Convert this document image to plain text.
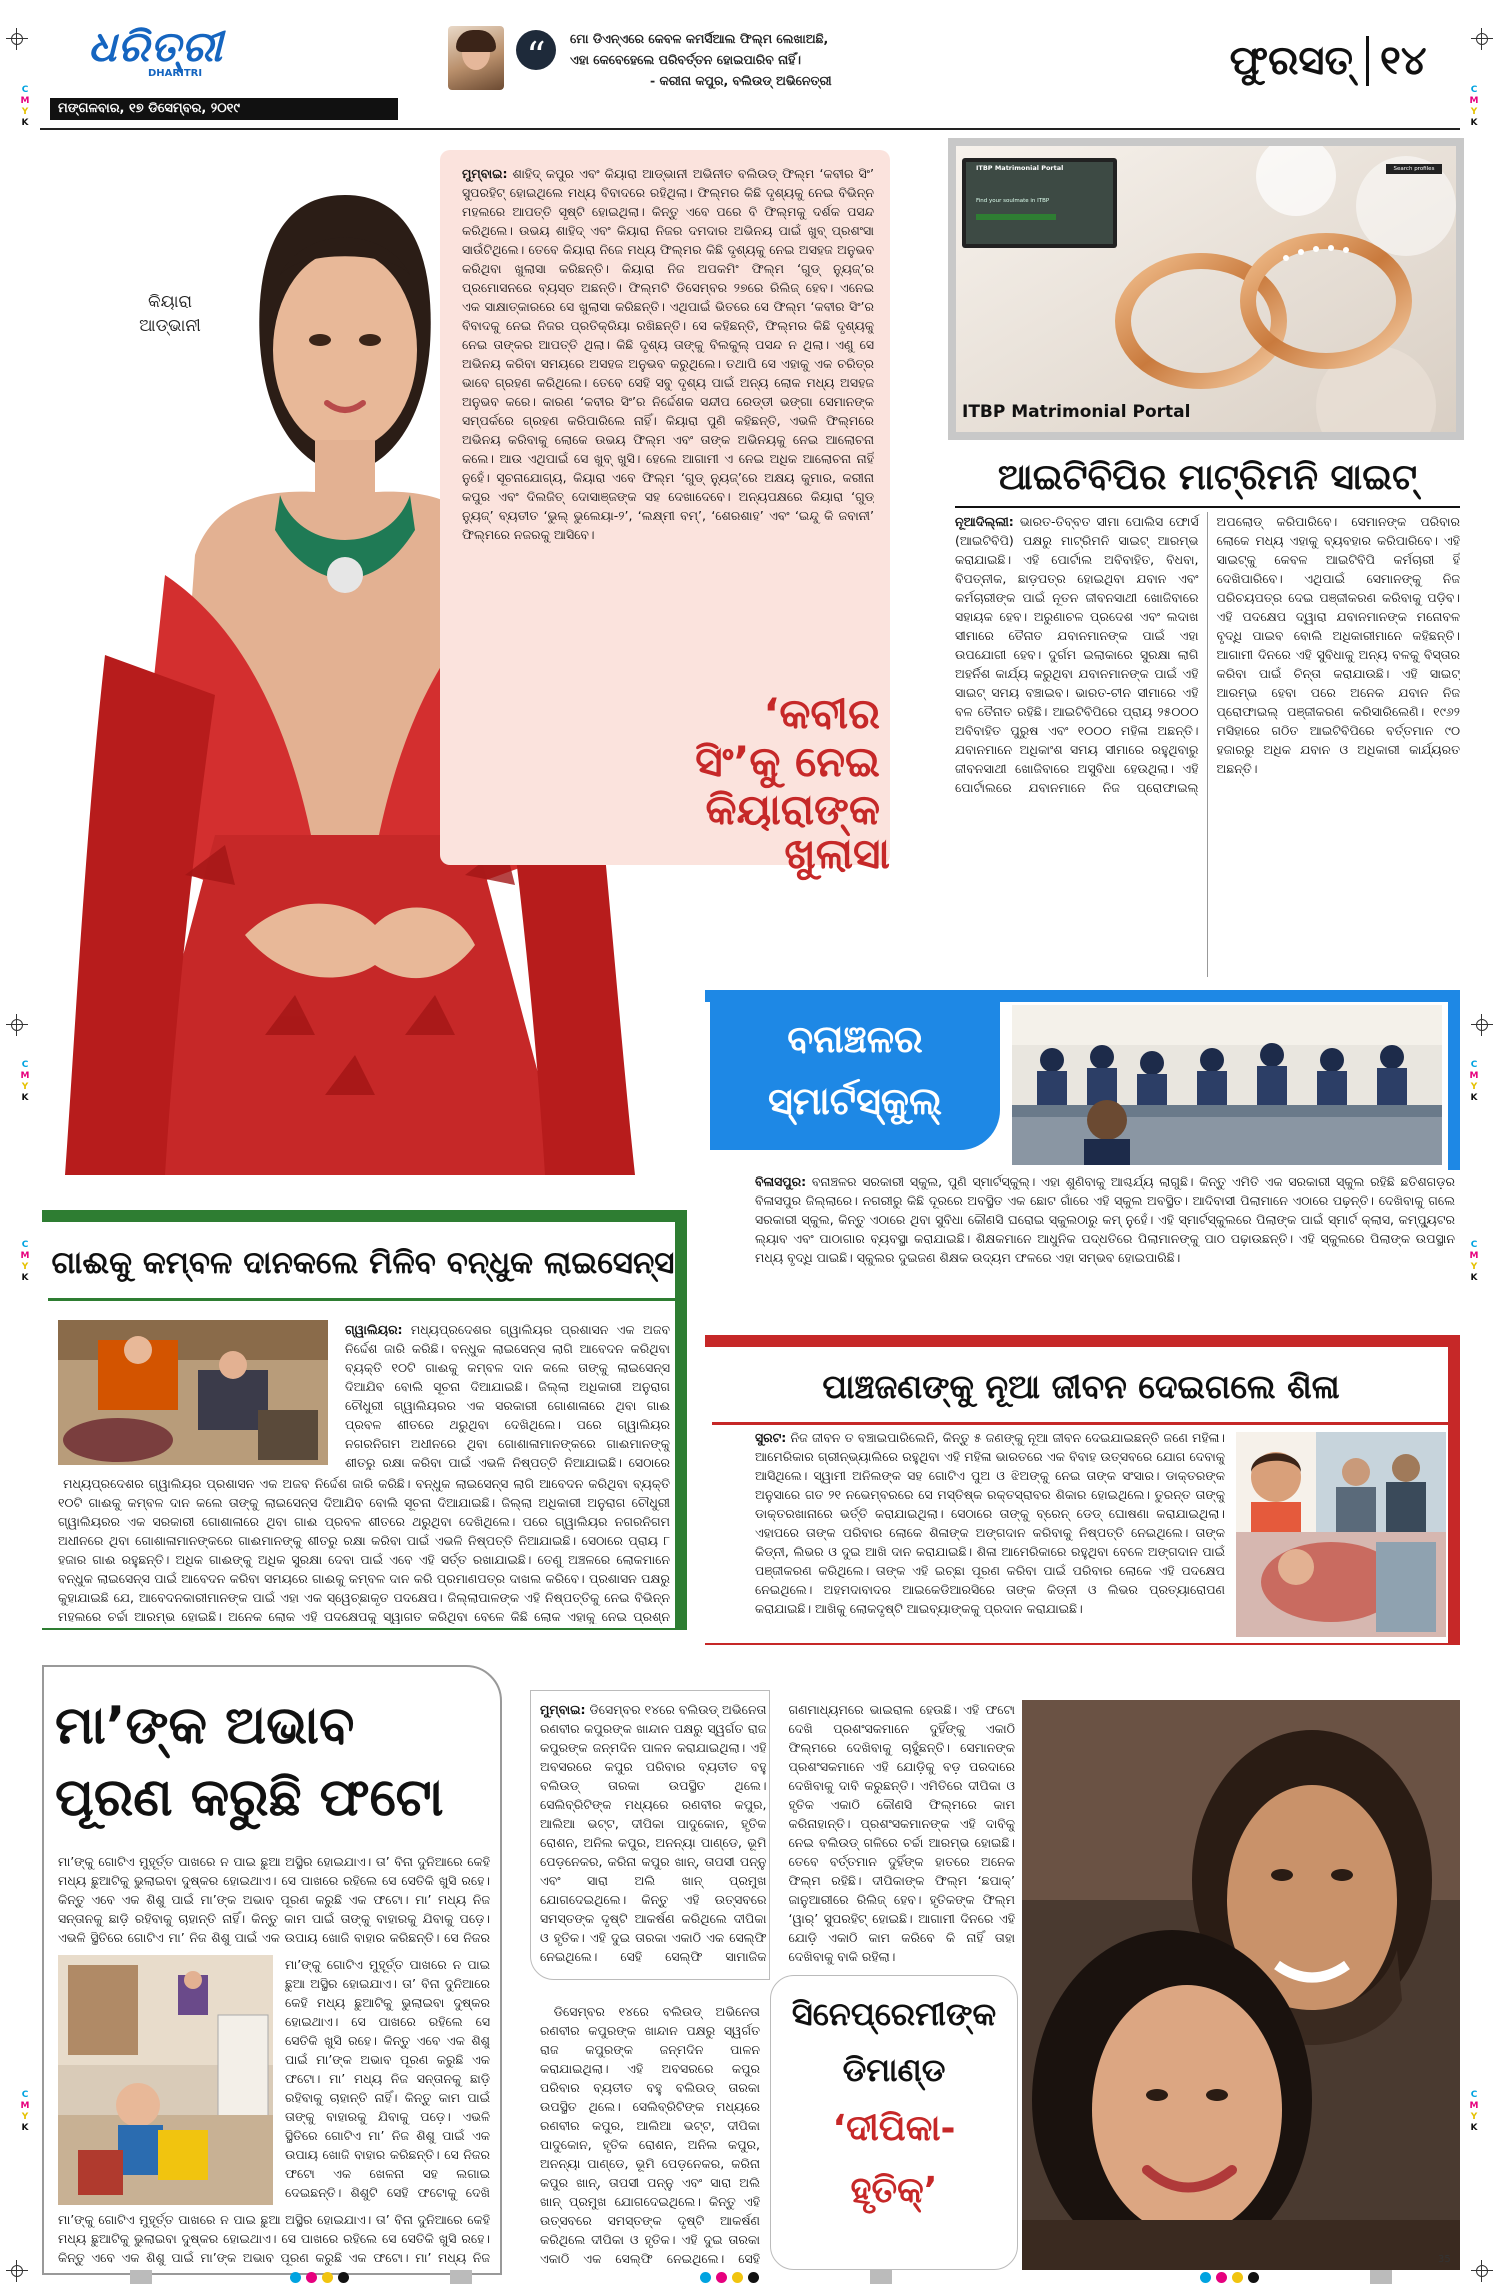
C
M
Y
K
C
M
Y
K
C
M
Y
K
C
M
Y
K
C
M
Y
K
C
M
Y
K
C
M
Y
K
C
M
Y
K
ଧରିତ୍ରୀ
DHARITRI
ମଙ୍ଗଳବାର, ୧୭ ଡିସେମ୍ବର, ୨୦୧୯
“	ମୋ ଡିଏନ୍‌ଏରେ କେବଳ କମର୍ସିଆଲ ଫିଲ୍ମ ଲେଖାଅଛି,
ଏହା କେବେହେଲେ ପରିବର୍ତ୍ତନ ହୋଇପାରିବ ନାହିଁ।
- କରୀନା କପୁର, ବଲିଉଡ୍ ଅଭିନେତ୍ରୀ	ଫୁରସତ୍ ୧୪
କିୟାରା
ଆଡ୍‌ଭାନୀ
ମୁମ୍ବାଇ: ଶାହିଦ୍ କପୁର ଏବଂ କିୟାରା ଆଡ୍‌ଭାନୀ ଅଭିନୀତ ବଲିଉଡ୍ ଫିଲ୍ମ ‘କବୀର ସିଂ’ ସୁପରହିଟ୍ ହୋଇଥିଲେ ମଧ୍ୟ ବିବାଦରେ ରହିଥିଲା। ଫିଲ୍ମର କିଛି ଦୃଶ୍ୟକୁ ନେଇ ବିଭିନ୍ନ ମହଲରେ ଆପତ୍ତି ସୃଷ୍ଟି ହୋଇଥିଲା। କିନ୍ତୁ ଏବେ ପରେ ବି ଫିଲ୍ମକୁ ଦର୍ଶକ ପସନ୍ଦ କରିଥିଲେ। ଉଭୟ ଶାହିଦ୍ ଏବଂ କିୟାରା ନିଜର ଦମଦାର ଅଭିନୟ ପାଇଁ ଖୁବ୍ ପ୍ରଶଂସା ସାଉଁଟିଥିଲେ। ତେବେ କିୟାରା ନିଜେ ମଧ୍ୟ ଫିଲ୍ମର କିଛି ଦୃଶ୍ୟକୁ ନେଇ ଅସହଜ ଅନୁଭବ କରିଥିବା ଖୁଲାସା କରିଛନ୍ତି। କିୟାରା ନିଜ ଅପକମିଂ ଫିଲ୍ମ ‘ଗୁଡ୍ ନ୍ୟୁଜ୍’ର ପ୍ରମୋସନରେ ବ୍ୟସ୍ତ ଅଛନ୍ତି। ଫିଲ୍ମଟି ଡିସେମ୍ବର ୨୭ରେ ରିଲିଜ୍ ହେବ। ଏନେଇ ଏକ ସାକ୍ଷାତ୍କାରରେ ସେ ଖୁଲାସା କରିଛନ୍ତି। ଏଥିପାଇଁ ଭିତରେ ସେ ଫିଲ୍ମ ‘କବୀର ସିଂ’ର ବିବାଦକୁ ନେଇ ନିଜର ପ୍ରତିକ୍ରିୟା ରଖିଛନ୍ତି। ସେ କହିଛନ୍ତି, ଫିଲ୍ମର କିଛି ଦୃଶ୍ୟକୁ ନେଇ ତାଙ୍କର ଆପତ୍ତି ଥିଲା। କିଛି ଦୃଶ୍ୟ ତାଙ୍କୁ ବିଲକୁଲ୍ ପସନ୍ଦ ନ ଥିଲା। ଏଣୁ ସେ ଅଭିନୟ କରିବା ସମୟରେ ଅସହଜ ଅନୁଭବ କରୁଥିଲେ। ତଥାପି ସେ ଏହାକୁ ଏକ ଚରିତ୍ର ଭାବେ ଗ୍ରହଣ କରିଥିଲେ। ତେବେ ସେହି ସବୁ ଦୃଶ୍ୟ ପାଇଁ ଅନ୍ୟ ଲୋକ ମଧ୍ୟ ଅସହଜ ଅନୁଭବ କରେ। କାରଣ ‘କବୀର ସିଂ’ର ନିର୍ଦ୍ଦେଶକ ସନ୍ଦୀପ ରେଡ୍ଡୀ ଭଙ୍ଗା ସେମାନଙ୍କ ସମ୍ପର୍କରେ ଗ୍ରହଣ କରିପାରିଲେ ନାହିଁ। କିୟାରା ପୁଣି କହିଛନ୍ତି, ଏଭଳି ଫିଲ୍ମରେ ଅଭିନୟ କରିବାକୁ ଲୋକେ ଉଭୟ ଫିଲ୍ମ ଏବଂ ତାଙ୍କ ଅଭିନୟକୁ ନେଇ ଆଲୋଚନା କଲେ। ଆଉ ଏଥିପାଇଁ ସେ ଖୁବ୍ ଖୁସି। ହେଲେ ଆଗାମୀ ଏ ନେଇ ଅଧିକ ଆଲୋଚନା ନାହିଁ ନୁହେଁ। ସୂଚନାଯୋଗ୍ୟ, କିୟାରା ଏବେ ଫିଲ୍ମ ‘ଗୁଡ୍ ନ୍ୟୁଜ୍’ରେ ଅକ୍ଷୟ କୁମାର, କରୀନା କପୁର ଏବଂ ଦିଲଜିତ୍ ଦୋସାଞ୍ଜଙ୍କ ସହ ଦେଖାଦେବେ। ଅନ୍ୟପକ୍ଷରେ କିୟାରା ‘ଗୁଡ୍ ନ୍ୟୁଜ୍’ ବ୍ୟତୀତ ‘ଭୁଲ୍ ଭୁଲେୟା-୨’, ‘ଲକ୍ଷ୍ମୀ ବମ୍’, ‘ଶେରଶାହ’ ଏବଂ ‘ଇନ୍ଦୁ କି ଜବାନୀ’ ଫିଲ୍ମରେ ନଜରକୁ ଆସିବେ।
‘କବୀର
ସିଂ’କୁ ନେଇ
କିୟାରାଙ୍କ
ଖୁଲାସା
ITBP Matrimonial Portal
Find your soulmate in ITBP
Search profiles
ITBP Matrimonial Portal
ଆଇଟିବିପିର ମାଟ୍ରିମନି ସାଇଟ୍
ନୂଆଦିଲ୍ଲୀ: ଭାରତ-ତିବ୍ବତ ସୀମା ପୋଲିସ ଫୋର୍ସ (ଆଇଟିବିପି) ପକ୍ଷରୁ ମାଟ୍ରିମନି ସାଇଟ୍ ଆରମ୍ଭ କରାଯାଇଛି। ଏହି ପୋର୍ଟାଲ ଅବିବାହିତ, ବିଧବା, ବିପତ୍ନୀକ, ଛାଡ଼ପତ୍ର ହୋଇଥିବା ଯବାନ ଏବଂ କର୍ମଚାରୀଙ୍କ ପାଇଁ ନୂତନ ଜୀବନସାଥୀ ଖୋଜିବାରେ ସହାୟକ ହେବ। ଅରୁଣାଚଳ ପ୍ରଦେଶ ଏବଂ ଲଦାଖ ସୀମାରେ ତୈନାତ ଯବାନମାନଙ୍କ ପାଇଁ ଏହା ଉପଯୋଗୀ ହେବ। ଦୁର୍ଗମ ଇଲାକାରେ ସୁରକ୍ଷା ଲାଗି ଅହର୍ନିଶ କାର୍ଯ୍ୟ କରୁଥିବା ଯବାନମାନଙ୍କ ପାଇଁ ଏହି ସାଇଟ୍ ସମୟ ବଞ୍ଚାଇବ। ଭାରତ-ଚୀନ ସୀମାରେ ଏହି ବଳ ତୈନାତ ରହିଛି। ଆଇଟିବିପିରେ ପ୍ରାୟ ୨୫୦୦୦ ଅବିବାହିତ ପୁରୁଷ ଏବଂ ୧୦୦୦ ମହିଳା ଅଛନ୍ତି। ଯବାନମାନେ ଅଧିକାଂଶ ସମୟ ସୀମାରେ ରହୁଥିବାରୁ ଜୀବନସାଥୀ ଖୋଜିବାରେ ଅସୁବିଧା ହେଉଥିଲା। ଏହି ପୋର୍ଟାଲରେ ଯବାନମାନେ ନିଜ ପ୍ରୋଫାଇଲ୍ ଅପଲୋଡ୍ କରିପାରିବେ। ସେମାନଙ୍କ ପରିବାର ଲୋକେ ମଧ୍ୟ ଏହାକୁ ବ୍ୟବହାର କରିପାରିବେ। ଏହି ସାଇଟ୍‌କୁ କେବଳ ଆଇଟିବିପି କର୍ମଚାରୀ ହିଁ ଦେଖିପାରିବେ। ଏଥିପାଇଁ ସେମାନଙ୍କୁ ନିଜ ପରିଚୟପତ୍ର ଦେଇ ପଞ୍ଜୀକରଣ କରିବାକୁ ପଡ଼ିବ। ଏହି ପଦକ୍ଷେପ ଦ୍ୱାରା ଯବାନମାନଙ୍କ ମନୋବଳ ବୃଦ୍ଧି ପାଇବ ବୋଲି ଅଧିକାରୀମାନେ କହିଛନ୍ତି। ଆଗାମୀ ଦିନରେ ଏହି ସୁବିଧାକୁ ଅନ୍ୟ ବଳକୁ ବିସ୍ତାର କରିବା ପାଇଁ ଚିନ୍ତା କରାଯାଉଛି। ଏହି ସାଇଟ୍ ଆରମ୍ଭ ହେବା ପରେ ଅନେକ ଯବାନ ନିଜ ପ୍ରୋଫାଇଲ୍ ପଞ୍ଜୀକରଣ କରିସାରିଲେଣି। ୧୯୬୨ ମସିହାରେ ଗଠିତ ଆଇଟିବିପିରେ ବର୍ତ୍ତମାନ ୯୦ ହଜାରରୁ ଅଧିକ ଯବାନ ଓ ଅଧିକାରୀ କାର୍ଯ୍ୟରତ ଅଛନ୍ତି।
ବନାଞ୍ଚଳର
ସ୍ମାର୍ଟସ୍କୁଲ୍
ବିଳାସପୁର: ବନାଞ୍ଚଳର ସରକାରୀ ସ୍କୁଲ, ପୁଣି ସ୍ମାର୍ଟସ୍କୁଲ୍। ଏହା ଶୁଣିବାକୁ ଆଶ୍ଚର୍ଯ୍ୟ ଲାଗୁଛି। କିନ୍ତୁ ଏମିତି ଏକ ସରକାରୀ ସ୍କୁଲ ରହିଛି ଛତିଶଗଡ଼ର ବିଳାସପୁର ଜିଲ୍ଲାରେ। ନଗରୀରୁ କିଛି ଦୂରରେ ଅବସ୍ଥିତ ଏକ ଛୋଟ ଗାଁରେ ଏହି ସ୍କୁଲ ଅବସ୍ଥିତ। ଆଦିବାସୀ ପିଲାମାନେ ଏଠାରେ ପଢ଼ନ୍ତି। ଦେଖିବାକୁ ଗଲେ ସରକାରୀ ସ୍କୁଲ, କିନ୍ତୁ ଏଠାରେ ଥିବା ସୁବିଧା କୌଣସି ଘରୋଇ ସ୍କୁଲଠାରୁ କମ୍ ନୁହେଁ। ଏହି ସ୍ମାର୍ଟସ୍କୁଲରେ ପିଲାଙ୍କ ପାଇଁ ସ୍ମାର୍ଟ କ୍ଲାସ, କମ୍ପ୍ୟୁଟର ଲ୍ୟାବ ଏବଂ ପାଠାଗାର ବ୍ୟବସ୍ଥା କରାଯାଇଛି। ଶିକ୍ଷକମାନେ ଆଧୁନିକ ପଦ୍ଧତିରେ ପିଲାମାନଙ୍କୁ ପାଠ ପଢ଼ାଉଛନ୍ତି। ଏହି ସ୍କୁଲରେ ପିଲାଙ୍କ ଉପସ୍ଥାନ ମଧ୍ୟ ବୃଦ୍ଧି ପାଇଛି। ସ୍କୁଲର ଦୁଇଜଣ ଶିକ୍ଷକ ଉଦ୍ୟମ ଫଳରେ ଏହା ସମ୍ଭବ ହୋଇପାରିଛି।
ଗାଈକୁ କମ୍ବଳ ଦାନକଲେ ମିଳିବ ବନ୍ଧୁକ ଲାଇସେନ୍ସ
ଗ୍ୱାଲିୟର: ମଧ୍ୟପ୍ରଦେଶର ଗ୍ୱାଲିୟର ପ୍ରଶାସନ ଏକ ଅଜବ ନିର୍ଦ୍ଦେଶ ଜାରି କରିଛି। ବନ୍ଧୁକ ଲାଇସେନ୍ସ ଲାଗି ଆବେଦନ କରିଥିବା ବ୍ୟକ୍ତି ୧୦ଟି ଗାଈକୁ କମ୍ବଳ ଦାନ କଲେ ତାଙ୍କୁ ଲାଇସେନ୍ସ ଦିଆଯିବ ବୋଲି ସୂଚନା ଦିଆଯାଇଛି। ଜିଲ୍ଲା ଅଧିକାରୀ ଅନୁରାଗ ଚୌଧୁରୀ ଗ୍ୱାଲିୟରର ଏକ ସରକାରୀ ଗୋଶାଳାରେ ଥିବା ଗାଈ ପ୍ରବଳ ଶୀତରେ ଥରୁଥିବା ଦେଖିଥିଲେ। ପରେ ଗ୍ୱାଲିୟର ନଗରନିଗମ ଅଧୀନରେ ଥିବା ଗୋଶାଳାମାନଙ୍କରେ ଗାଈମାନଙ୍କୁ ଶୀତରୁ ରକ୍ଷା କରିବା ପାଇଁ ଏଭଳି ନିଷ୍ପତ୍ତି ନିଆଯାଇଛି। ସେଠାରେ
ମଧ୍ୟପ୍ରଦେଶର ଗ୍ୱାଲିୟର ପ୍ରଶାସନ ଏକ ଅଜବ ନିର୍ଦ୍ଦେଶ ଜାରି କରିଛି। ବନ୍ଧୁକ ଲାଇସେନ୍ସ ଲାଗି ଆବେଦନ କରିଥିବା ବ୍ୟକ୍ତି ୧୦ଟି ଗାଈକୁ କମ୍ବଳ ଦାନ କଲେ ତାଙ୍କୁ ଲାଇସେନ୍ସ ଦିଆଯିବ ବୋଲି ସୂଚନା ଦିଆଯାଇଛି। ଜିଲ୍ଲା ଅଧିକାରୀ ଅନୁରାଗ ଚୌଧୁରୀ ଗ୍ୱାଲିୟରର ଏକ ସରକାରୀ ଗୋଶାଳାରେ ଥିବା ଗାଈ ପ୍ରବଳ ଶୀତରେ ଥରୁଥିବା ଦେଖିଥିଲେ। ପରେ ଗ୍ୱାଲିୟର ନଗରନିଗମ ଅଧୀନରେ ଥିବା ଗୋଶାଳାମାନଙ୍କରେ ଗାଈମାନଙ୍କୁ ଶୀତରୁ ରକ୍ଷା କରିବା ପାଇଁ ଏଭଳି ନିଷ୍ପତ୍ତି ନିଆଯାଇଛି। ସେଠାରେ ପ୍ରାୟ ୮ ହଜାର ଗାଈ ରହୁଛନ୍ତି। ଅଧିକ ଗାଈଙ୍କୁ ଅଧିକ ସୁରକ୍ଷା ଦେବା ପାଇଁ ଏବେ ଏହି ସର୍ତ୍ତ ରଖାଯାଇଛି। ତେଣୁ ଅଞ୍ଚଳରେ ଲୋକମାନେ ବନ୍ଧୁକ ଲାଇସେନ୍ସ ପାଇଁ ଆବେଦନ କରିବା ସମୟରେ ଗାଈକୁ କମ୍ବଳ ଦାନ କରି ପ୍ରମାଣପତ୍ର ଦାଖଲ କରିବେ। ପ୍ରଶାସନ ପକ୍ଷରୁ କୁହାଯାଇଛି ଯେ, ଆବେଦନକାରୀମାନଙ୍କ ପାଇଁ ଏହା ଏକ ସ୍ୱେଚ୍ଛାକୃତ ପଦକ୍ଷେପ। ଜିଲ୍ଲାପାଳଙ୍କ ଏହି ନିଷ୍ପତ୍ତିକୁ ନେଇ ବିଭିନ୍ନ ମହଲରେ ଚର୍ଚ୍ଚା ଆରମ୍ଭ ହୋଇଛି। ଅନେକ ଲୋକ ଏହି ପଦକ୍ଷେପକୁ ସ୍ୱାଗତ କରିଥିବା ବେଳେ କିଛି ଲୋକ ଏହାକୁ ନେଇ ପ୍ରଶ୍ନ
ପାଞ୍ଚଜଣଙ୍କୁ ନୂଆ ଜୀବନ ଦେଇଗଲେ ଶିଳା
ସୁରଟ: ନିଜ ଜୀବନ ତ ବଞ୍ଚାଇପାରିଲେନି, କିନ୍ତୁ ୫ ଜଣଙ୍କୁ ନୂଆ ଜୀବନ ଦେଇଯାଇଛନ୍ତି ଜଣେ ମହିଳା। ଆମେରିକାର ଗ୍ରୀନ୍‌ଭ୍ୟାଲିରେ ରହୁଥିବା ଏହି ମହିଳା ଭାରତରେ ଏକ ବିବାହ ଉତ୍ସବରେ ଯୋଗ ଦେବାକୁ ଆସିଥିଲେ। ସ୍ୱାମୀ ଅନିଲଙ୍କ ସହ ଗୋଟିଏ ପୁଅ ଓ ଝିଅଙ୍କୁ ନେଇ ତାଙ୍କ ସଂସାର। ଡାକ୍ତରଙ୍କ ଅନୁସାରେ ଗତ ୨୧ ନଭେମ୍ବରରେ ସେ ମସ୍ତିଷ୍କ ରକ୍ତସ୍ରାବର ଶିକାର ହୋଇଥିଲେ। ତୁରନ୍ତ ତାଙ୍କୁ ଡାକ୍ତରଖାନାରେ ଭର୍ତ୍ତି କରାଯାଇଥିଲା। ସେଠାରେ ତାଙ୍କୁ ବ୍ରେନ୍ ଡେଡ୍ ଘୋଷଣା କରାଯାଇଥିଲା। ଏହାପରେ ତାଙ୍କ ପରିବାର ଲୋକେ ଶିଳାଙ୍କ ଅଙ୍ଗଦାନ କରିବାକୁ ନିଷ୍ପତ୍ତି ନେଇଥିଲେ। ତାଙ୍କ କିଡ୍ନୀ, ଲିଭର ଓ ଦୁଇ ଆଖି ଦାନ କରାଯାଇଛି। ଶିଳା ଆମେରିକାରେ ରହୁଥିବା ବେଳେ ଅଙ୍ଗଦାନ ପାଇଁ ପଞ୍ଜୀକରଣ କରିଥିଲେ। ତାଙ୍କ ଏହି ଇଚ୍ଛା ପୂରଣ କରିବା ପାଇଁ ପରିବାର ଲୋକେ ଏହି ପଦକ୍ଷେପ ନେଇଥିଲେ। ଅହମଦାବାଦର ଆଇକେଡିଆରସିରେ ତାଙ୍କ କିଡ୍ନୀ ଓ ଲିଭର ପ୍ରତ୍ୟାରୋପଣ କରାଯାଇଛି। ଆଖିକୁ ଲୋକଦୃଷ୍ଟି ଆଇବ୍ୟାଙ୍କକୁ ପ୍ରଦାନ କରାଯାଇଛି।
ମା’ଙ୍କ ଅଭାବ
ପୂରଣ କରୁଛି ଫଟୋ
ମା’ଙ୍କୁ ଗୋଟିଏ ମୁହୂର୍ତ୍ତ ପାଖରେ ନ ପାଇ ଛୁଆ ଅସ୍ଥିର ହୋଇଯାଏ। ତା’ ବିନା ଦୁନିଆରେ କେହି ମଧ୍ୟ ଛୁଆଟିକୁ ଭୁଲାଇବା ଦୁଷ୍କର ହୋଇଥାଏ। ସେ ପାଖରେ ରହିଲେ ସେ ସେତିକି ଖୁସି ରହେ। କିନ୍ତୁ ଏବେ ଏକ ଶିଶୁ ପାଇଁ ମା’ଙ୍କ ଅଭାବ ପୂରଣ କରୁଛି ଏକ ଫଟୋ। ମା’ ମଧ୍ୟ ନିଜ ସନ୍ତାନକୁ ଛାଡ଼ି ରହିବାକୁ ଚାହାନ୍ତି ନାହିଁ। କିନ୍ତୁ କାମ ପାଇଁ ତାଙ୍କୁ ବାହାରକୁ ଯିବାକୁ ପଡ଼େ। ଏଭଳି ସ୍ଥିତିରେ ଗୋଟିଏ ମା’ ନିଜ ଶିଶୁ ପାଇଁ ଏକ ଉପାୟ ଖୋଜି ବାହାର କରିଛନ୍ତି। ସେ ନିଜର
ମା’ଙ୍କୁ ଗୋଟିଏ ମୁହୂର୍ତ୍ତ ପାଖରେ ନ ପାଇ ଛୁଆ ଅସ୍ଥିର ହୋଇଯାଏ। ତା’ ବିନା ଦୁନିଆରେ କେହି ମଧ୍ୟ ଛୁଆଟିକୁ ଭୁଲାଇବା ଦୁଷ୍କର ହୋଇଥାଏ। ସେ ପାଖରେ ରହିଲେ ସେ ସେତିକି ଖୁସି ରହେ। କିନ୍ତୁ ଏବେ ଏକ ଶିଶୁ ପାଇଁ ମା’ଙ୍କ ଅଭାବ ପୂରଣ କରୁଛି ଏକ ଫଟୋ। ମା’ ମଧ୍ୟ ନିଜ ସନ୍ତାନକୁ ଛାଡ଼ି ରହିବାକୁ ଚାହାନ୍ତି ନାହିଁ। କିନ୍ତୁ କାମ ପାଇଁ ତାଙ୍କୁ ବାହାରକୁ ଯିବାକୁ ପଡ଼େ। ଏଭଳି ସ୍ଥିତିରେ ଗୋଟିଏ ମା’ ନିଜ ଶିଶୁ ପାଇଁ ଏକ ଉପାୟ ଖୋଜି ବାହାର କରିଛନ୍ତି। ସେ ନିଜର ଫଟୋ ଏକ ଖେଳନା ସହ ଲଗାଇ ଦେଇଛନ୍ତି। ଶିଶୁଟି ସେହି ଫଟୋକୁ ଦେଖି
ମା’ଙ୍କୁ ଗୋଟିଏ ମୁହୂର୍ତ୍ତ ପାଖରେ ନ ପାଇ ଛୁଆ ଅସ୍ଥିର ହୋଇଯାଏ। ତା’ ବିନା ଦୁନିଆରେ କେହି ମଧ୍ୟ ଛୁଆଟିକୁ ଭୁଲାଇବା ଦୁଷ୍କର ହୋଇଥାଏ। ସେ ପାଖରେ ରହିଲେ ସେ ସେତିକି ଖୁସି ରହେ। କିନ୍ତୁ ଏବେ ଏକ ଶିଶୁ ପାଇଁ ମା’ଙ୍କ ଅଭାବ ପୂରଣ କରୁଛି ଏକ ଫଟୋ। ମା’ ମଧ୍ୟ ନିଜ
ମୁମ୍ବାଇ: ଡିସେମ୍ବର ୧୪ରେ ବଲିଉଡ୍ ଅଭିନେତା ରଣବୀର କପୁରଙ୍କ ଖାନ୍ଦାନ ପକ୍ଷରୁ ସ୍ୱର୍ଗତ ରାଜ କପୁରଙ୍କ ଜନ୍ମଦିନ ପାଳନ କରାଯାଇଥିଲା। ଏହି ଅବସରରେ କପୁର ପରିବାର ବ୍ୟତୀତ ବହୁ ବଲିଉଡ୍ ତାରକା ଉପସ୍ଥିତ ଥିଲେ। ସେଲିବ୍ରିଟିଙ୍କ ମଧ୍ୟରେ ରଣବୀର କପୁର, ଆଲିଆ ଭଟ୍ଟ, ଦୀପିକା ପାଦୁକୋନ, ହୃତିକ ରୋଶନ, ଅନିଲ କପୁର, ଅନନ୍ୟା ପାଣ୍ଡେ, ଭୂମି ପେଡ଼ନେକର, କରିନା କପୁର ଖାନ୍, ତାପସୀ ପନ୍ନୁ ଏବଂ ସାରା ଅଲି ଖାନ୍ ପ୍ରମୁଖ ଯୋଗଦେଇଥିଲେ। କିନ୍ତୁ ଏହି ଉତ୍ସବରେ ସମସ୍ତଙ୍କ ଦୃଷ୍ଟି ଆକର୍ଷଣ କରିଥିଲେ ଦୀପିକା ଓ ହୃତିକ। ଏହି ଦୁଇ ତାରକା ଏକାଠି ଏକ ସେଲ୍‌ଫି ନେଇଥିଲେ। ସେହି ସେଲ୍‌ଫି ସାମାଜିକ ଗଣମାଧ୍ୟମରେ ଭାଇରାଲ ହେଉଛି। ଏହି ଫଟୋ ଦେଖି ପ୍ରଶଂସକମାନେ ଦୁହିଁଙ୍କୁ ଏକାଠି ଫିଲ୍ମରେ ଦେଖିବାକୁ ଚାହୁଁଛନ୍ତି। ସେମାନଙ୍କ ପ୍ରଶଂସକମାନେ ଏହି ଯୋଡ଼ିକୁ ବଡ଼ ପରଦାରେ ଦେଖିବାକୁ ଦାବି କରୁଛନ୍ତି। ଏମିତିରେ ଦୀପିକା ଓ ହୃତିକ ଏକାଠି କୌଣସି ଫିଲ୍ମରେ କାମ କରିନାହାନ୍ତି। ପ୍ରଶଂସକମାନଙ୍କ ଏହି ଦାବିକୁ ନେଇ ବଲିଉଡ୍ ଗଳିରେ ଚର୍ଚ୍ଚା ଆରମ୍ଭ ହୋଇଛି। ତେବେ ବର୍ତ୍ତମାନ ଦୁହିଁଙ୍କ ହାତରେ ଅନେକ ଫିଲ୍ମ ରହିଛି। ଦୀପିକାଙ୍କ ଫିଲ୍ମ ‘ଛପାକ୍’ ଜାନୁଆରୀରେ ରିଲିଜ୍ ହେବ। ହୃତିକଙ୍କ ଫିଲ୍ମ ‘ୱାର୍’ ସୁପରହିଟ୍ ହୋଇଛି। ଆଗାମୀ ଦିନରେ ଏହି ଯୋଡ଼ି ଏକାଠି କାମ କରିବେ କି ନାହିଁ ତାହା ଦେଖିବାକୁ ବାକି ରହିଲା।
ଡିସେମ୍ବର ୧୪ରେ ବଲିଉଡ୍ ଅଭିନେତା ରଣବୀର କପୁରଙ୍କ ଖାନ୍ଦାନ ପକ୍ଷରୁ ସ୍ୱର୍ଗତ ରାଜ କପୁରଙ୍କ ଜନ୍ମଦିନ ପାଳନ କରାଯାଇଥିଲା। ଏହି ଅବସରରେ କପୁର ପରିବାର ବ୍ୟତୀତ ବହୁ ବଲିଉଡ୍ ତାରକା ଉପସ୍ଥିତ ଥିଲେ। ସେଲିବ୍ରିଟିଙ୍କ ମଧ୍ୟରେ ରଣବୀର କପୁର, ଆଲିଆ ଭଟ୍ଟ, ଦୀପିକା ପାଦୁକୋନ, ହୃତିକ ରୋଶନ, ଅନିଲ କପୁର, ଅନନ୍ୟା ପାଣ୍ଡେ, ଭୂମି ପେଡ଼ନେକର, କରିନା କପୁର ଖାନ୍, ତାପସୀ ପନ୍ନୁ ଏବଂ ସାରା ଅଲି ଖାନ୍ ପ୍ରମୁଖ ଯୋଗଦେଇଥିଲେ। କିନ୍ତୁ ଏହି ଉତ୍ସବରେ ସମସ୍ତଙ୍କ ଦୃଷ୍ଟି ଆକର୍ଷଣ କରିଥିଲେ ଦୀପିକା ଓ ହୃତିକ। ଏହି ଦୁଇ ତାରକା ଏକାଠି ଏକ ସେଲ୍‌ଫି ନେଇଥିଲେ। ସେହି
ସିନେପ୍ରେମୀଙ୍କ
ଡିମାଣ୍ଡ
‘ଦୀପିକା-
ହୃତିକ୍’
35
